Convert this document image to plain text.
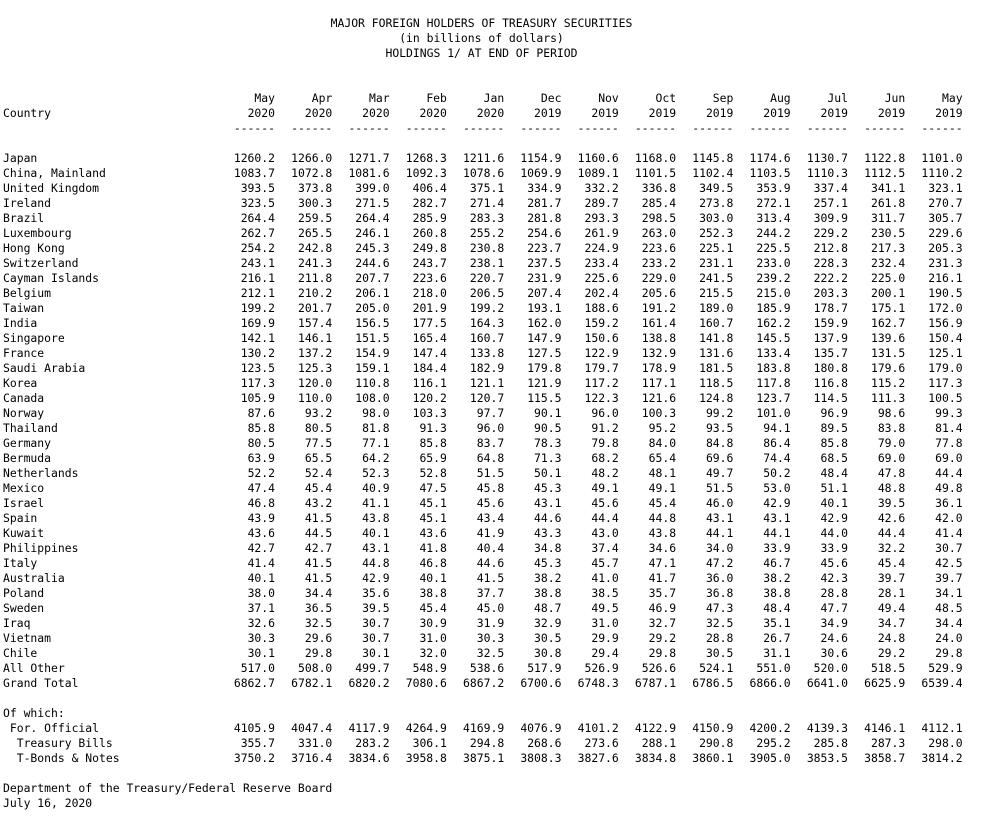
MAJOR FOREIGN HOLDERS OF TREASURY SECURITIES
(in billions of dollars)
HOLDINGS 1/ AT END OF PERIOD
	May	Apr	Mar	Feb	Jan	Dec	Nov	Oct	Sep	Aug	Jul	Jun	May
Country	2020	2020	2020	2020	2020	2019	2019	2019	2019	2019	2019	2019	2019
	------	------	------	------	------	------	------	------	------	------	------	------	------

Japan	1260.2	1266.0	1271.7	1268.3	1211.6	1154.9	1160.6	1168.0	1145.8	1174.6	1130.7	1122.8	1101.0
China, Mainland	1083.7	1072.8	1081.6	1092.3	1078.6	1069.9	1089.1	1101.5	1102.4	1103.5	1110.3	1112.5	1110.2
United Kingdom	393.5	373.8	399.0	406.4	375.1	334.9	332.2	336.8	349.5	353.9	337.4	341.1	323.1
Ireland	323.5	300.3	271.5	282.7	271.4	281.7	289.7	285.4	273.8	272.1	257.1	261.8	270.7
Brazil	264.4	259.5	264.4	285.9	283.3	281.8	293.3	298.5	303.0	313.4	309.9	311.7	305.7
Luxembourg	262.7	265.5	246.1	260.8	255.2	254.6	261.9	263.0	252.3	244.2	229.2	230.5	229.6
Hong Kong	254.2	242.8	245.3	249.8	230.8	223.7	224.9	223.6	225.1	225.5	212.8	217.3	205.3
Switzerland	243.1	241.3	244.6	243.7	238.1	237.5	233.4	233.2	231.1	233.0	228.3	232.4	231.3
Cayman Islands	216.1	211.8	207.7	223.6	220.7	231.9	225.6	229.0	241.5	239.2	222.2	225.0	216.1
Belgium	212.1	210.2	206.1	218.0	206.5	207.4	202.4	205.6	215.5	215.0	203.3	200.1	190.5
Taiwan	199.2	201.7	205.0	201.9	199.2	193.1	188.6	191.2	189.0	185.9	178.7	175.1	172.0
India	169.9	157.4	156.5	177.5	164.3	162.0	159.2	161.4	160.7	162.2	159.9	162.7	156.9
Singapore	142.1	146.1	151.5	165.4	160.7	147.9	150.6	138.8	141.8	145.5	137.9	139.6	150.4
France	130.2	137.2	154.9	147.4	133.8	127.5	122.9	132.9	131.6	133.4	135.7	131.5	125.1
Saudi Arabia	123.5	125.3	159.1	184.4	182.9	179.8	179.7	178.9	181.5	183.8	180.8	179.6	179.0
Korea	117.3	120.0	110.8	116.1	121.1	121.9	117.2	117.1	118.5	117.8	116.8	115.2	117.3
Canada	105.9	110.0	108.0	120.2	120.7	115.5	122.3	121.6	124.8	123.7	114.5	111.3	100.5
Norway	87.6	93.2	98.0	103.3	97.7	90.1	96.0	100.3	99.2	101.0	96.9	98.6	99.3
Thailand	85.8	80.5	81.8	91.3	96.0	90.5	91.2	95.2	93.5	94.1	89.5	83.8	81.4
Germany	80.5	77.5	77.1	85.8	83.7	78.3	79.8	84.0	84.8	86.4	85.8	79.0	77.8
Bermuda	63.9	65.5	64.2	65.9	64.8	71.3	68.2	65.4	69.6	74.4	68.5	69.0	69.0
Netherlands	52.2	52.4	52.3	52.8	51.5	50.1	48.2	48.1	49.7	50.2	48.4	47.8	44.4
Mexico	47.4	45.4	40.9	47.5	45.8	45.3	49.1	49.1	51.5	53.0	51.1	48.8	49.8
Israel	46.8	43.2	41.1	45.1	45.6	43.1	45.6	45.4	46.0	42.9	40.1	39.5	36.1
Spain	43.9	41.5	43.8	45.1	43.4	44.6	44.4	44.8	43.1	43.1	42.9	42.6	42.0
Kuwait	43.6	44.5	40.1	43.6	41.9	43.3	43.0	43.8	44.1	44.1	44.0	44.4	41.4
Philippines	42.7	42.7	43.1	41.8	40.4	34.8	37.4	34.6	34.0	33.9	33.9	32.2	30.7
Italy	41.4	41.5	44.8	46.8	44.6	45.3	45.7	47.1	47.2	46.7	45.6	45.4	42.5
Australia	40.1	41.5	42.9	40.1	41.5	38.2	41.0	41.7	36.0	38.2	42.3	39.7	39.7
Poland	38.0	34.4	35.6	38.8	37.7	38.8	38.5	35.7	36.8	38.8	28.8	28.1	34.1
Sweden	37.1	36.5	39.5	45.4	45.0	48.7	49.5	46.9	47.3	48.4	47.7	49.4	48.5
Iraq	32.6	32.5	30.7	30.9	31.9	32.9	31.0	32.7	32.5	35.1	34.9	34.7	34.4
Vietnam	30.3	29.6	30.7	31.0	30.3	30.5	29.9	29.2	28.8	26.7	24.6	24.8	24.0
Chile	30.1	29.8	30.1	32.0	32.5	30.8	29.4	29.8	30.5	31.1	30.6	29.2	29.8
All Other	517.0	508.0	499.7	548.9	538.6	517.9	526.9	526.6	524.1	551.0	520.0	518.5	529.9
Grand Total	6862.7	6782.1	6820.2	7080.6	6867.2	6700.6	6748.3	6787.1	6786.5	6866.0	6641.0	6625.9	6539.4

Of which:													
For. Official	4105.9	4047.4	4117.9	4264.9	4169.9	4076.9	4101.2	4122.9	4150.9	4200.2	4139.3	4146.1	4112.1
Treasury Bills	355.7	331.0	283.2	306.1	294.8	268.6	273.6	288.1	290.8	295.2	285.8	287.3	298.0
T-Bonds & Notes	3750.2	3716.4	3834.6	3958.8	3875.1	3808.3	3827.6	3834.8	3860.1	3905.0	3853.5	3858.7	3814.2
Department of the Treasury/Federal Reserve Board
July 16, 2020
